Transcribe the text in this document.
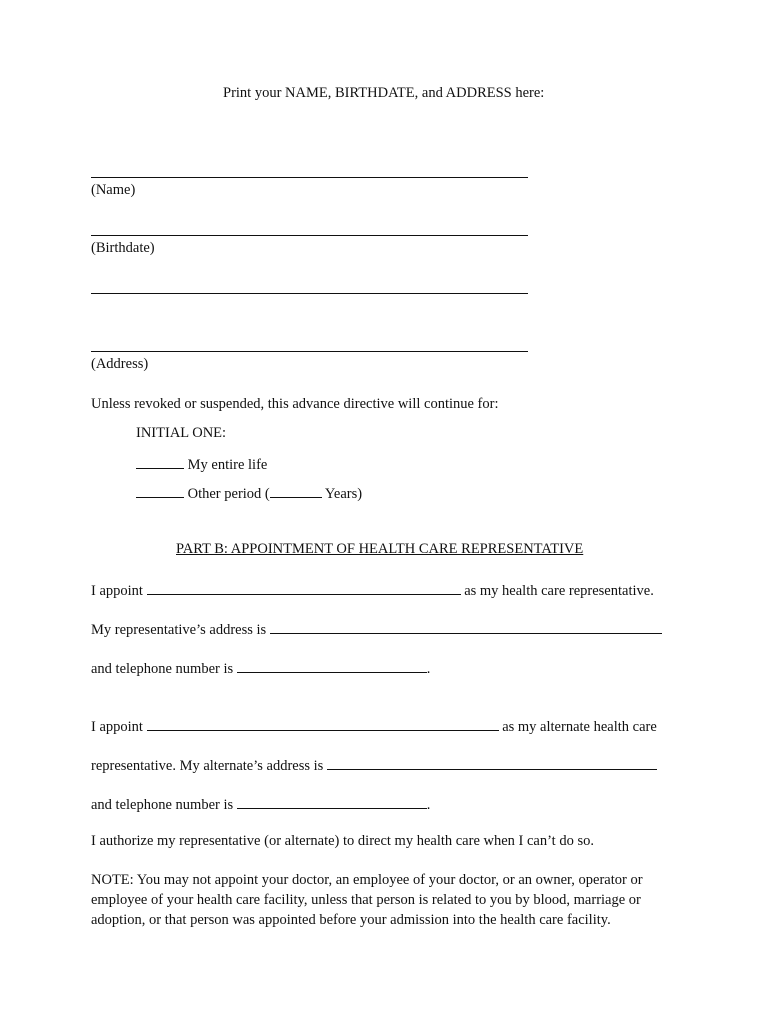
Print your NAME, BIRTHDATE, and ADDRESS here:
(Name)
(Birthdate)
(Address)
Unless revoked or suspended, this advance directive will continue for:
INITIAL ONE:
My entire life
Other period (	Years)
PART B: APPOINTMENT OF HEALTH CARE REPRESENTATIVE
I appoint	as my health care representative.
My representative’s address is
and telephone number is	.
I appoint	as my alternate health care
representative. My alternate’s address is
and telephone number is	.
I authorize my representative (or alternate) to direct my health care when I can’t do so.
NOTE: You may not appoint your doctor, an employee of your doctor, or an owner, operator or employee of your health care facility, unless that person is related to you by blood, marriage or adoption, or that person was appointed before your admission into the health care facility.
